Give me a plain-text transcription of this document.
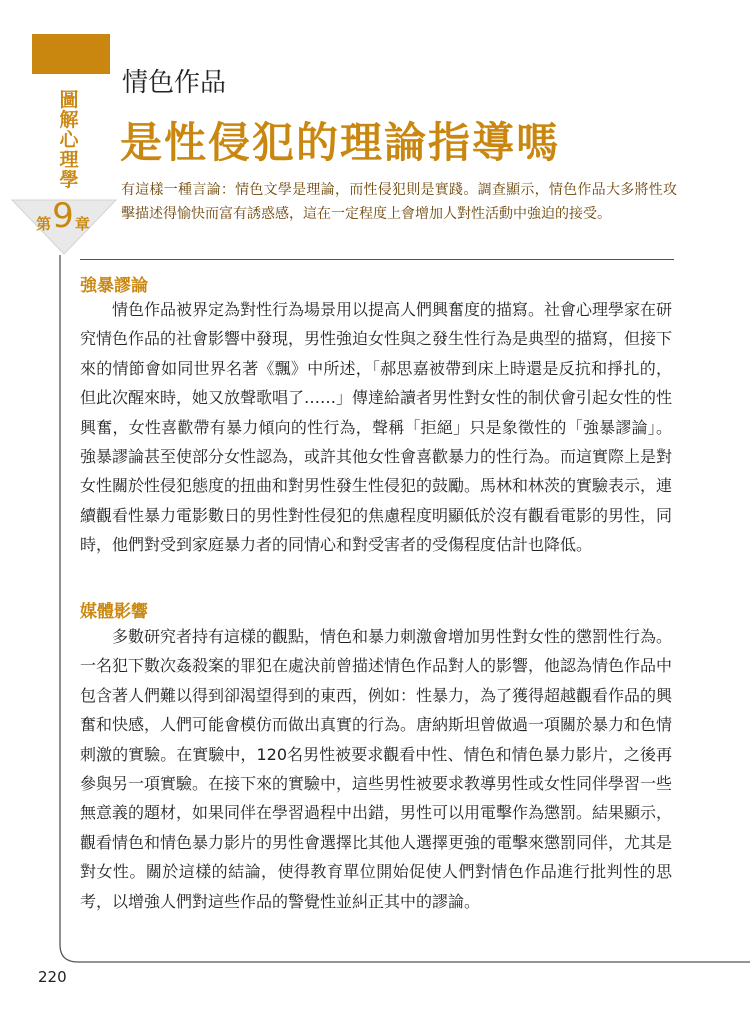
圖解心理學
第 9 章
情色作品
是性侵犯的理論指導嗎
有這樣一種言論：情色文學是理論，而性侵犯則是實踐。調查顯示，情色作品大多將性攻擊描述得愉快而富有誘惑感，這在一定程度上會增加人對性活動中強迫的接受。
強暴謬論
情色作品被界定為對性行為場景用以提高人們興奮度的描寫。社會心理學家在研究情色作品的社會影響中發現，男性強迫女性與之發生性行為是典型的描寫，但接下來的情節會如同世界名著《飄》中所述，「郝思嘉被帶到床上時還是反抗和掙扎的，但此次醒來時，她又放聲歌唱了……」傳達給讀者男性對女性的制伏會引起女性的性興奮，女性喜歡帶有暴力傾向的性行為，聲稱「拒絕」只是象徵性的「強暴謬論」。強暴謬論甚至使部分女性認為，或許其他女性會喜歡暴力的性行為。而這實際上是對女性關於性侵犯態度的扭曲和對男性發生性侵犯的鼓勵。馬林和林茨的實驗表示，連續觀看性暴力電影數日的男性對性侵犯的焦慮程度明顯低於沒有觀看電影的男性，同時，他們對受到家庭暴力者的同情心和對受害者的受傷程度估計也降低。
媒體影響
多數研究者持有這樣的觀點，情色和暴力刺激會增加男性對女性的懲罰性行為。一名犯下數次姦殺案的罪犯在處決前曾描述情色作品對人的影響，他認為情色作品中包含著人們難以得到卻渴望得到的東西，例如：性暴力，為了獲得超越觀看作品的興奮和快感，人們可能會模仿而做出真實的行為。唐納斯坦曾做過一項關於暴力和色情刺激的實驗。在實驗中，120名男性被要求觀看中性、情色和情色暴力影片，之後再參與另一項實驗。在接下來的實驗中，這些男性被要求教導男性或女性同伴學習一些無意義的題材，如果同伴在學習過程中出錯，男性可以用電擊作為懲罰。結果顯示，觀看情色和情色暴力影片的男性會選擇比其他人選擇更強的電擊來懲罰同伴，尤其是對女性。關於這樣的結論，使得教育單位開始促使人們對情色作品進行批判性的思考，以增強人們對這些作品的警覺性並糾正其中的謬論。
220
